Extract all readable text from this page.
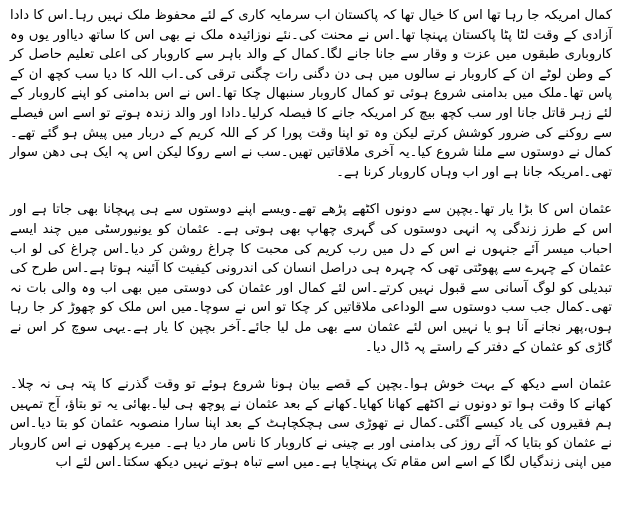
کمال امریکہ جا رہا تھا اس کا خیال تھا کہ پاکستان اب سرمایہ کاری کے لئے محفوظ ملک نہیں رہا۔اس کا دادا آزادی کے وقت لٹا پٹا پاکستان پہنچا تھا۔اس نے محنت کی۔نئے نوزائیدہ ملک نے بھی اس کا ساتھ دیااور یوں وہ کاروباری طبقوں میں عزت و وقار سے جانا جانے لگا۔کمال کے والد باہر سے کاروبار کی اعلی تعلیم حاصل کر کے وطن لوٹے ان کے کاروبار نے سالوں میں ہی دن دگنی رات چگنی ترقی کی۔اب اللہ کا دیا سب کچھ ان کے پاس تھا۔ملک میں بدامنی شروع ہوئی تو کمال کاروبار سنبھال چکا تھا۔اس نے اس بدامنی کو اپنے کاروبار کے لئے زہر قاتل جانا اور سب کچھ بیچ کر امریکہ جانے کا فیصلہ کرلیا۔دادا اور والد زندہ ہوتے تو اسے اس فیصلے سے روکنے کی ضرور کوشش کرتے لیکن وہ تو اپنا وقت پورا کر کے اللہ کریم کے دربار میں پیش ہو گئے تھے۔کمال نے دوستوں سے ملنا شروع کیا۔یہ آخری ملاقاتیں تھیں۔سب نے اسے روکا لیکن اس پہ ایک ہی دھن سوار تھی۔امریکہ جانا ہے اور اب وہاں کاروبار کرنا ہے۔

عثمان اس کا بڑا یار تھا۔بچپن سے دونوں اکٹھے پڑھے تھے۔ویسے اپنے دوستوں سے ہی پہچانا بھی جاتا ہے اور اس کے طرز زندگی پہ انہی دوستوں کی گہری چھاپ بھی ہوتی ہے۔ عثمان کو یونیورسٹی میں چند ایسے احباب میسر آئے جنہوں نے اس کے دل میں رب کریم کی محبت کا چراغ روشن کر دیا۔اس چراغ کی لو اب عثمان کے چہرے سے پھوٹتی تھی کہ چہرہ ہی دراصل انسان کی اندرونی کیفیت کا آئینہ ہوتا ہے۔اس طرح کی تبدیلی کو لوگ آسانی سے قبول نہیں کرتے۔اس لئے کمال اور عثمان کی دوستی میں بھی اب وہ والی بات نہ تھی۔کمال جب سب دوستوں سے الوداعی ملاقاتیں کر چکا تو اس نے سوچا۔میں اس ملک کو چھوڑ کر جا رہا ہوں،پھر نجانے آنا ہو یا نہیں اس لئے عثمان سے بھی مل لیا جائے۔آخر بچپن کا یار ہے۔یہی سوچ کر اس نے گاڑی کو عثمان کے دفتر کے راستے پہ ڈال دیا۔

عثمان اسے دیکھ کے بہت خوش ہوا۔بچپن کے قصے بیان ہونا شروع ہوئے تو وقت گذرنے کا پتہ ہی نہ چلا۔کھانے کا وقت ہوا تو دونوں نے اکٹھے کھانا کھایا۔کھانے کے بعد عثمان نے پوچھ ہی لیا۔بھائی یہ تو بتاؤ، آج تمہیں ہم فقیروں کی یاد کیسے آگئی۔کمال نے تھوڑی سی ہچکچاہٹ کے بعد اپنا سارا منصوبہ عثمان کو بتا دیا۔اس نے عثمان کو بتایا کہ آئے روز کی بدامنی اور بے چینی نے کاروبار کا ناس مار دیا ہے۔ میرے پرکھوں نے اس کاروبار میں اپنی زندگیاں لگا کے اسے اس مقام تک پہنچایا ہے۔میں اسے تباہ ہوتے نہیں دیکھ سکتا۔اس لئے اب
